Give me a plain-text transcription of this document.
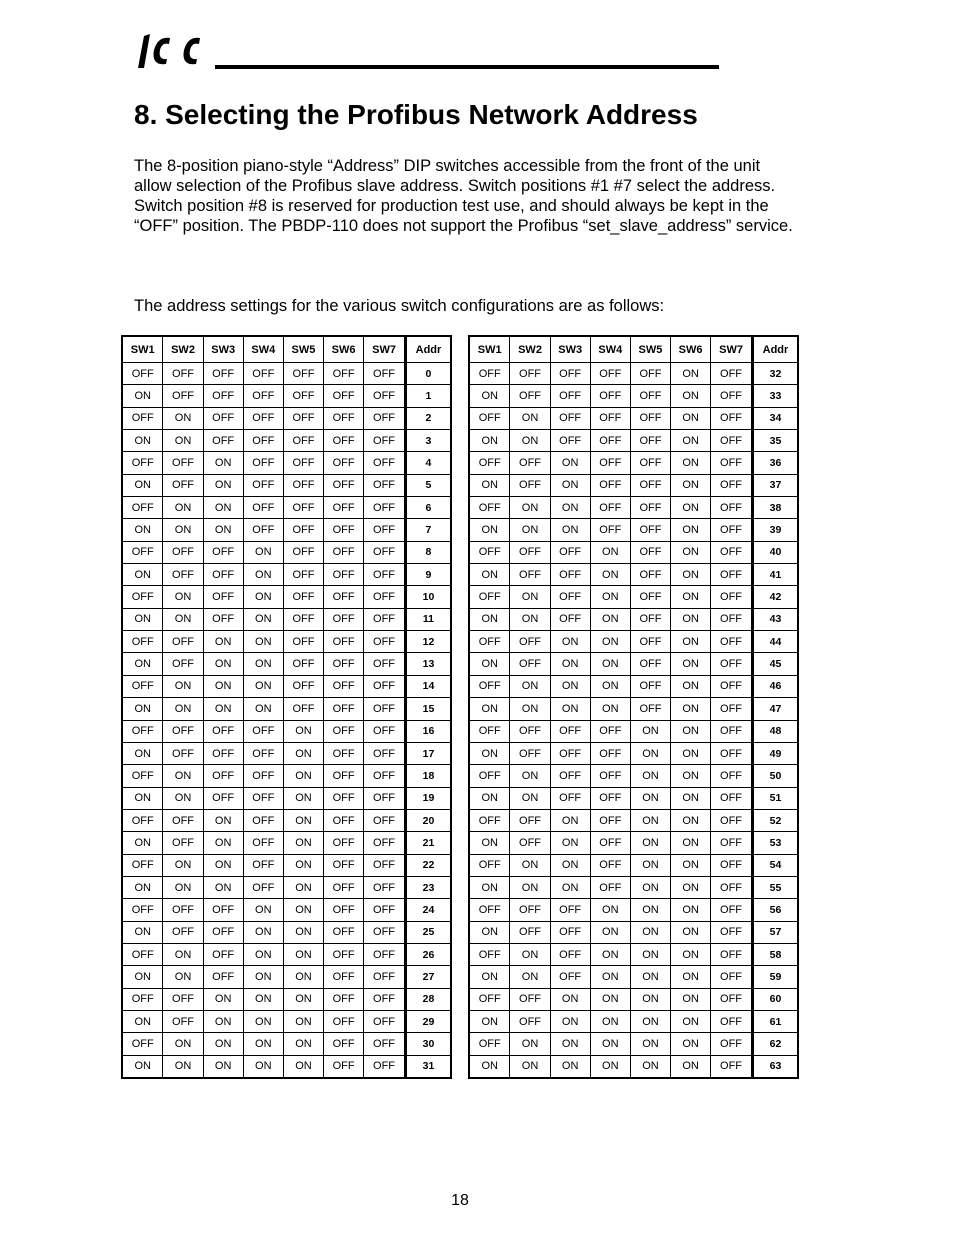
8. Selecting the Profibus Network Address

The 8-position piano-style “Address” DIP switches accessible from the front of the unit allow selection of the Profibus slave address. Switch positions #1 #7 select the address. Switch position #8 is reserved for production test use, and should always be kept in the “OFF” position. The PBDP-110 does not support the Profibus “set_slave_address” service.

The address settings for the various switch configurations are as follows:

SW1	SW2	SW3	SW4	SW5	SW6	SW7	Addr
OFF	OFF	OFF	OFF	OFF	OFF	OFF	0
ON	OFF	OFF	OFF	OFF	OFF	OFF	1
OFF	ON	OFF	OFF	OFF	OFF	OFF	2
ON	ON	OFF	OFF	OFF	OFF	OFF	3
OFF	OFF	ON	OFF	OFF	OFF	OFF	4
ON	OFF	ON	OFF	OFF	OFF	OFF	5
OFF	ON	ON	OFF	OFF	OFF	OFF	6
ON	ON	ON	OFF	OFF	OFF	OFF	7
OFF	OFF	OFF	ON	OFF	OFF	OFF	8
ON	OFF	OFF	ON	OFF	OFF	OFF	9
OFF	ON	OFF	ON	OFF	OFF	OFF	10
ON	ON	OFF	ON	OFF	OFF	OFF	11
OFF	OFF	ON	ON	OFF	OFF	OFF	12
ON	OFF	ON	ON	OFF	OFF	OFF	13
OFF	ON	ON	ON	OFF	OFF	OFF	14
ON	ON	ON	ON	OFF	OFF	OFF	15
OFF	OFF	OFF	OFF	ON	OFF	OFF	16
ON	OFF	OFF	OFF	ON	OFF	OFF	17
OFF	ON	OFF	OFF	ON	OFF	OFF	18
ON	ON	OFF	OFF	ON	OFF	OFF	19
OFF	OFF	ON	OFF	ON	OFF	OFF	20
ON	OFF	ON	OFF	ON	OFF	OFF	21
OFF	ON	ON	OFF	ON	OFF	OFF	22
ON	ON	ON	OFF	ON	OFF	OFF	23
OFF	OFF	OFF	ON	ON	OFF	OFF	24
ON	OFF	OFF	ON	ON	OFF	OFF	25
OFF	ON	OFF	ON	ON	OFF	OFF	26
ON	ON	OFF	ON	ON	OFF	OFF	27
OFF	OFF	ON	ON	ON	OFF	OFF	28
ON	OFF	ON	ON	ON	OFF	OFF	29
OFF	ON	ON	ON	ON	OFF	OFF	30
ON	ON	ON	ON	ON	OFF	OFF	31
SW1	SW2	SW3	SW4	SW5	SW6	SW7	Addr
OFF	OFF	OFF	OFF	OFF	ON	OFF	32
ON	OFF	OFF	OFF	OFF	ON	OFF	33
OFF	ON	OFF	OFF	OFF	ON	OFF	34
ON	ON	OFF	OFF	OFF	ON	OFF	35
OFF	OFF	ON	OFF	OFF	ON	OFF	36
ON	OFF	ON	OFF	OFF	ON	OFF	37
OFF	ON	ON	OFF	OFF	ON	OFF	38
ON	ON	ON	OFF	OFF	ON	OFF	39
OFF	OFF	OFF	ON	OFF	ON	OFF	40
ON	OFF	OFF	ON	OFF	ON	OFF	41
OFF	ON	OFF	ON	OFF	ON	OFF	42
ON	ON	OFF	ON	OFF	ON	OFF	43
OFF	OFF	ON	ON	OFF	ON	OFF	44
ON	OFF	ON	ON	OFF	ON	OFF	45
OFF	ON	ON	ON	OFF	ON	OFF	46
ON	ON	ON	ON	OFF	ON	OFF	47
OFF	OFF	OFF	OFF	ON	ON	OFF	48
ON	OFF	OFF	OFF	ON	ON	OFF	49
OFF	ON	OFF	OFF	ON	ON	OFF	50
ON	ON	OFF	OFF	ON	ON	OFF	51
OFF	OFF	ON	OFF	ON	ON	OFF	52
ON	OFF	ON	OFF	ON	ON	OFF	53
OFF	ON	ON	OFF	ON	ON	OFF	54
ON	ON	ON	OFF	ON	ON	OFF	55
OFF	OFF	OFF	ON	ON	ON	OFF	56
ON	OFF	OFF	ON	ON	ON	OFF	57
OFF	ON	OFF	ON	ON	ON	OFF	58
ON	ON	OFF	ON	ON	ON	OFF	59
OFF	OFF	ON	ON	ON	ON	OFF	60
ON	OFF	ON	ON	ON	ON	OFF	61
OFF	ON	ON	ON	ON	ON	OFF	62
ON	ON	ON	ON	ON	ON	OFF	63
18
